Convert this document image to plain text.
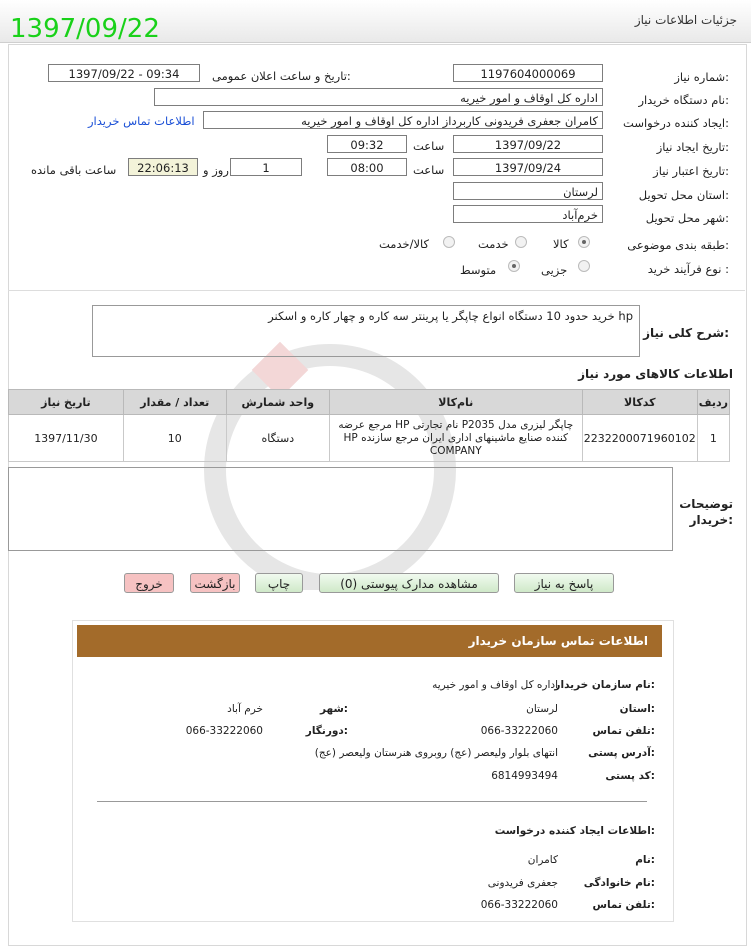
جزئیات اطلاعات نیاز
1397/09/22
شماره نیاز:
1197604000069
تاریخ و ساعت اعلان عمومی:
1397/09/22 - 09:34
نام دستگاه خریدار:
اداره کل اوقاف و امور خیریه
ایجاد کننده درخواست:
کامران جعفری فریدونی کاربرداز اداره کل اوقاف و امور خیریه
اطلاعات تماس خریدار
تاریخ ایجاد نیاز:
1397/09/22
ساعت
09:32
تاریخ اعتبار نیاز:
1397/09/24
ساعت
08:00
1
روز و
22:06:13
ساعت باقی مانده
استان محل تحویل:
لرستان
شهر محل تحویل:
خرم‌آباد
طبقه بندی موضوعی:
کالا
خدمت
کالا/خدمت
نوع فرآیند خرید :
جزیی
متوسط
شرح کلی نیاز:
خرید حدود 10 دستگاه انواع چاپگر یا پرینتر سه کاره و چهار کاره و اسکنر hp
اطلاعات کالاهای مورد نیاز
ردیف	کدکالا	نام‌کالا	واحد شمارش	تعداد / مقدار	تاریخ نیاز
1	2232200071960102	چاپگر لیزری مدل P2035 نام تجارتی HP مرجع عرضه کننده صنایع ماشینهای اداری ایران مرجع سازنده HP COMPANY	دستگاه	10	1397/11/30
توضیحات خریدار:
پاسخ به نیاز
مشاهده مدارک پیوستی (0)
چاپ
بازگشت
خروج
اطلاعات تماس سازمان خریدار
نام سازمان خریدار:
اداره کل اوقاف و امور خیریه
استان:
لرستان
شهر:
خرم آباد
تلفن تماس:
066-33222060
دورنگار:
066-33222060
آدرس پستی:
انتهای بلوار ولیعصر (عج) روبروی هنرستان ولیعصر (عج)
کد پستی:
6814993494
اطلاعات ایجاد کننده درخواست:
نام:
کامران
نام خانوادگی:
جعفری فریدونی
تلفن تماس:
066-33222060
